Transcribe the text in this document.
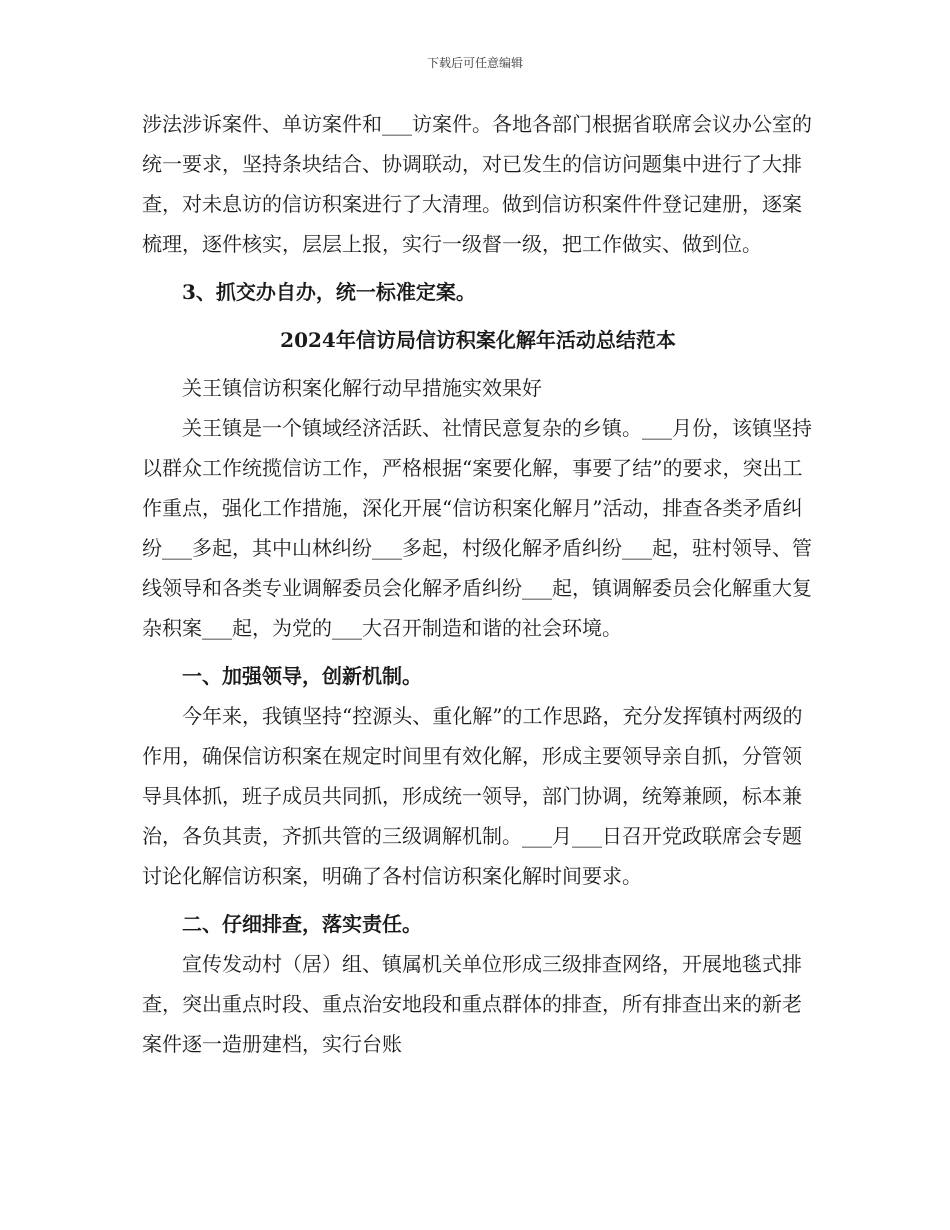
下载后可任意编辑

涉法涉诉案件、单访案件和___访案件。各地各部门根据省联席会议办公室的统一要求，坚持条块结合、协调联动，对已发生的信访问题集中进行了大排查，对未息访的信访积案进行了大清理。做到信访积案件件登记建册，逐案梳理，逐件核实，层层上报，实行一级督一级，把工作做实、做到位。

3、抓交办自办，统一标准定案。

2024年信访局信访积案化解年活动总结范本

关王镇信访积案化解行动早措施实效果好

关王镇是一个镇域经济活跃、社情民意复杂的乡镇。___月份，该镇坚持以群众工作统揽信访工作，严格根据“案要化解，事要了结”的要求，突出工作重点，强化工作措施，深化开展“信访积案化解月”活动，排查各类矛盾纠纷___多起，其中山林纠纷___多起，村级化解矛盾纠纷___起，驻村领导、管线领导和各类专业调解委员会化解矛盾纠纷___起，镇调解委员会化解重大复杂积案___起，为党的___大召开制造和谐的社会环境。

一、加强领导，创新机制。

今年来，我镇坚持“控源头、重化解”的工作思路，充分发挥镇村两级的作用，确保信访积案在规定时间里有效化解，形成主要领导亲自抓，分管领导具体抓，班子成员共同抓，形成统一领导，部门协调，统筹兼顾，标本兼治，各负其责，齐抓共管的三级调解机制。___月___日召开党政联席会专题讨论化解信访积案，明确了各村信访积案化解时间要求。

二、仔细排查，落实责任。

宣传发动村（居）组、镇属机关单位形成三级排查网络，开展地毯式排查，突出重点时段、重点治安地段和重点群体的排查，所有排查出来的新老案件逐一造册建档，实行台账
